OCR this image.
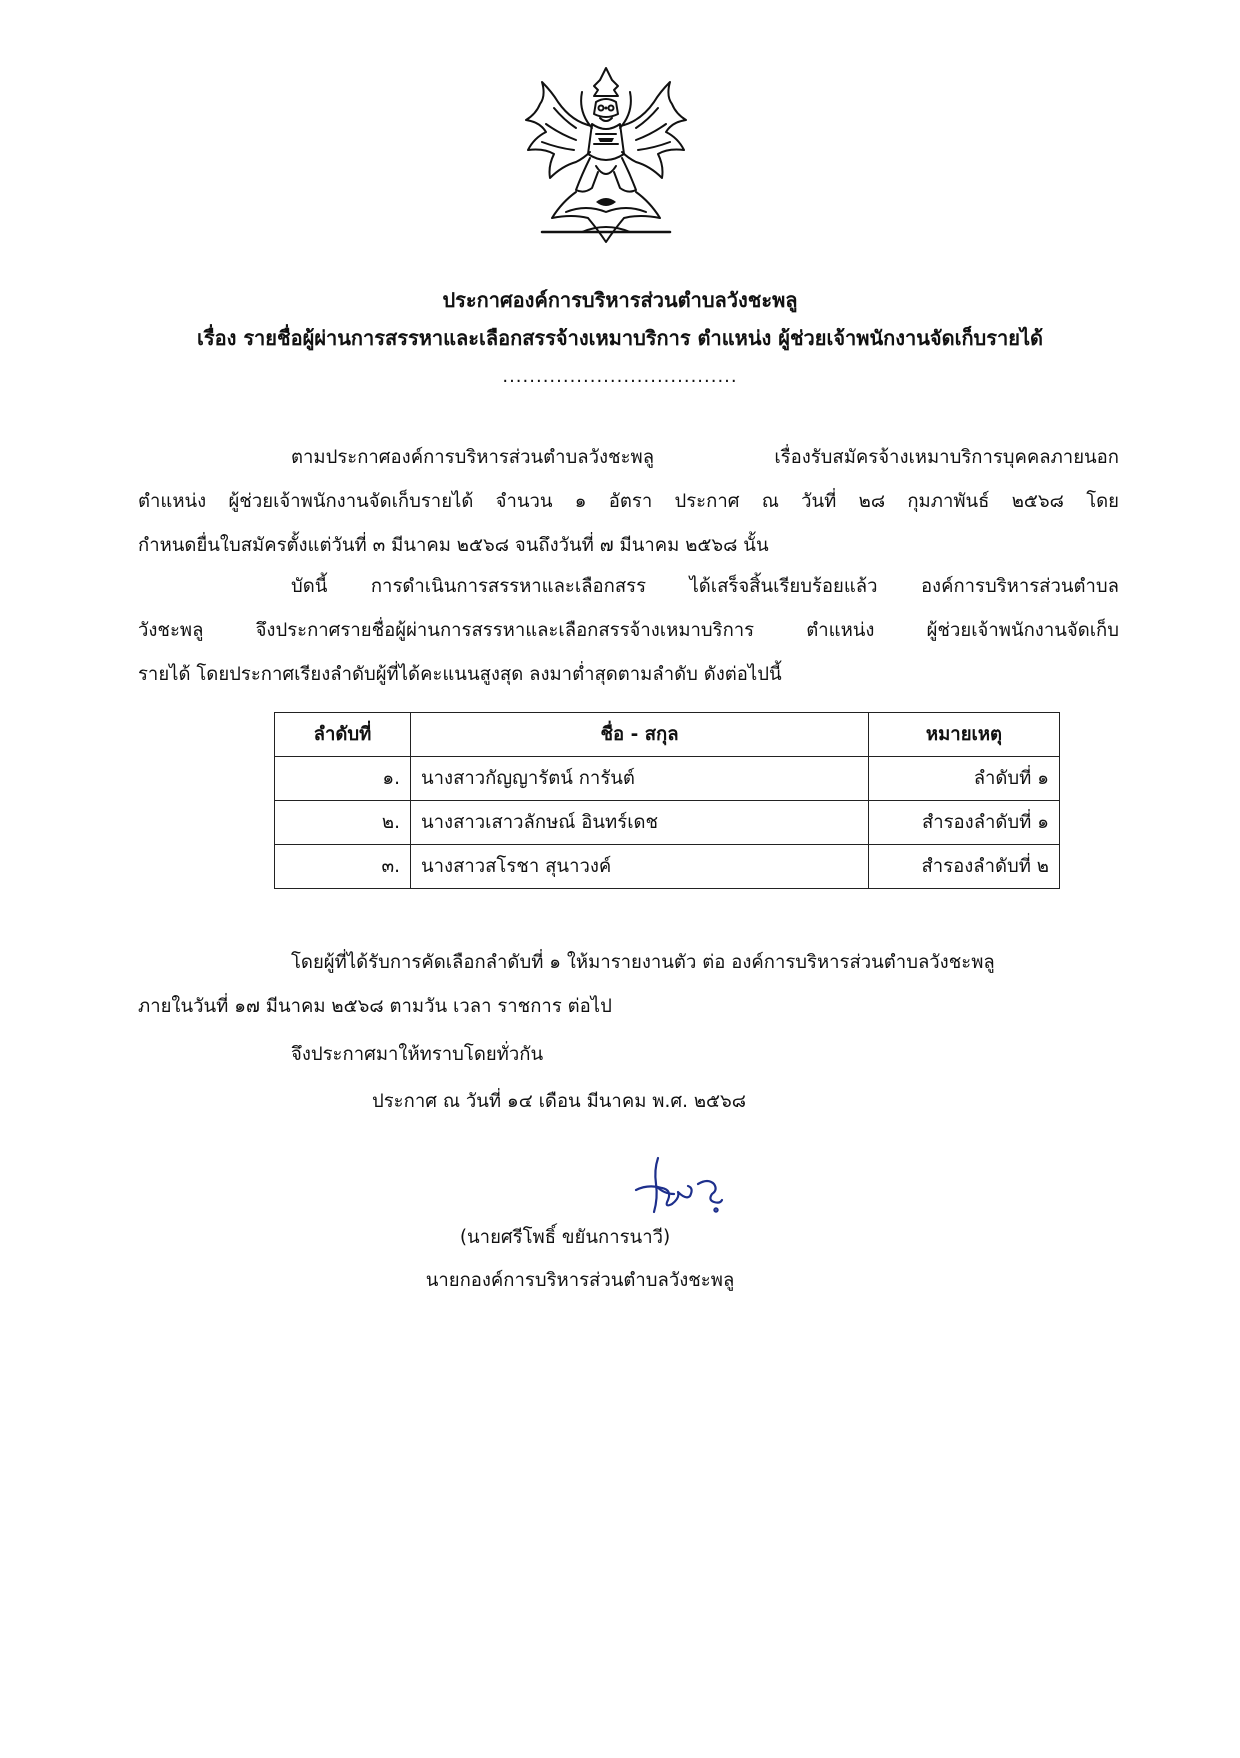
ประกาศองค์การบริหารส่วนตำบลวังชะพลู
เรื่อง รายชื่อผู้ผ่านการสรรหาและเลือกสรรจ้างเหมาบริการ ตำแหน่ง ผู้ช่วยเจ้าพนักงานจัดเก็บรายได้
...................................
ตามประกาศองค์การบริหารส่วนตำบลวังชะพลู เรื่องรับสมัครจ้างเหมาบริการบุคคลภายนอก
ตำแหน่ง ผู้ช่วยเจ้าพนักงานจัดเก็บรายได้ จำนวน ๑ อัตรา ประกาศ ณ วันที่ ๒๘ กุมภาพันธ์ ๒๕๖๘ โดย
กำหนดยื่นใบสมัครตั้งแต่วันที่ ๓ มีนาคม ๒๕๖๘ จนถึงวันที่ ๗ มีนาคม ๒๕๖๘ นั้น
บัดนี้ การดำเนินการสรรหาและเลือกสรร ได้เสร็จสิ้นเรียบร้อยแล้ว องค์การบริหารส่วนตำบล
วังชะพลู จึงประกาศรายชื่อผู้ผ่านการสรรหาและเลือกสรรจ้างเหมาบริการ ตำแหน่ง ผู้ช่วยเจ้าพนักงานจัดเก็บ
รายได้ โดยประกาศเรียงลำดับผู้ที่ได้คะแนนสูงสุด ลงมาต่ำสุดตามลำดับ ดังต่อไปนี้
ลำดับที่	ชื่อ - สกุล	หมายเหตุ
๑.	นางสาวกัญญารัตน์ การันต์	ลำดับที่ ๑
๒.	นางสาวเสาวลักษณ์ อินทร์เดช	สำรองลำดับที่ ๑
๓.	นางสาวสโรชา สุนาวงค์	สำรองลำดับที่ ๒
โดยผู้ที่ได้รับการคัดเลือกลำดับที่ ๑ ให้มารายงานตัว ต่อ องค์การบริหารส่วนตำบลวังชะพลู
ภายในวันที่ ๑๗ มีนาคม ๒๕๖๘ ตามวัน เวลา ราชการ ต่อไป
จึงประกาศมาให้ทราบโดยทั่วกัน
ประกาศ ณ วันที่ ๑๔ เดือน มีนาคม พ.ศ. ๒๕๖๘
(นายศรีโพธิ์ ขยันการนาวี)
นายกองค์การบริหารส่วนตำบลวังชะพลู
